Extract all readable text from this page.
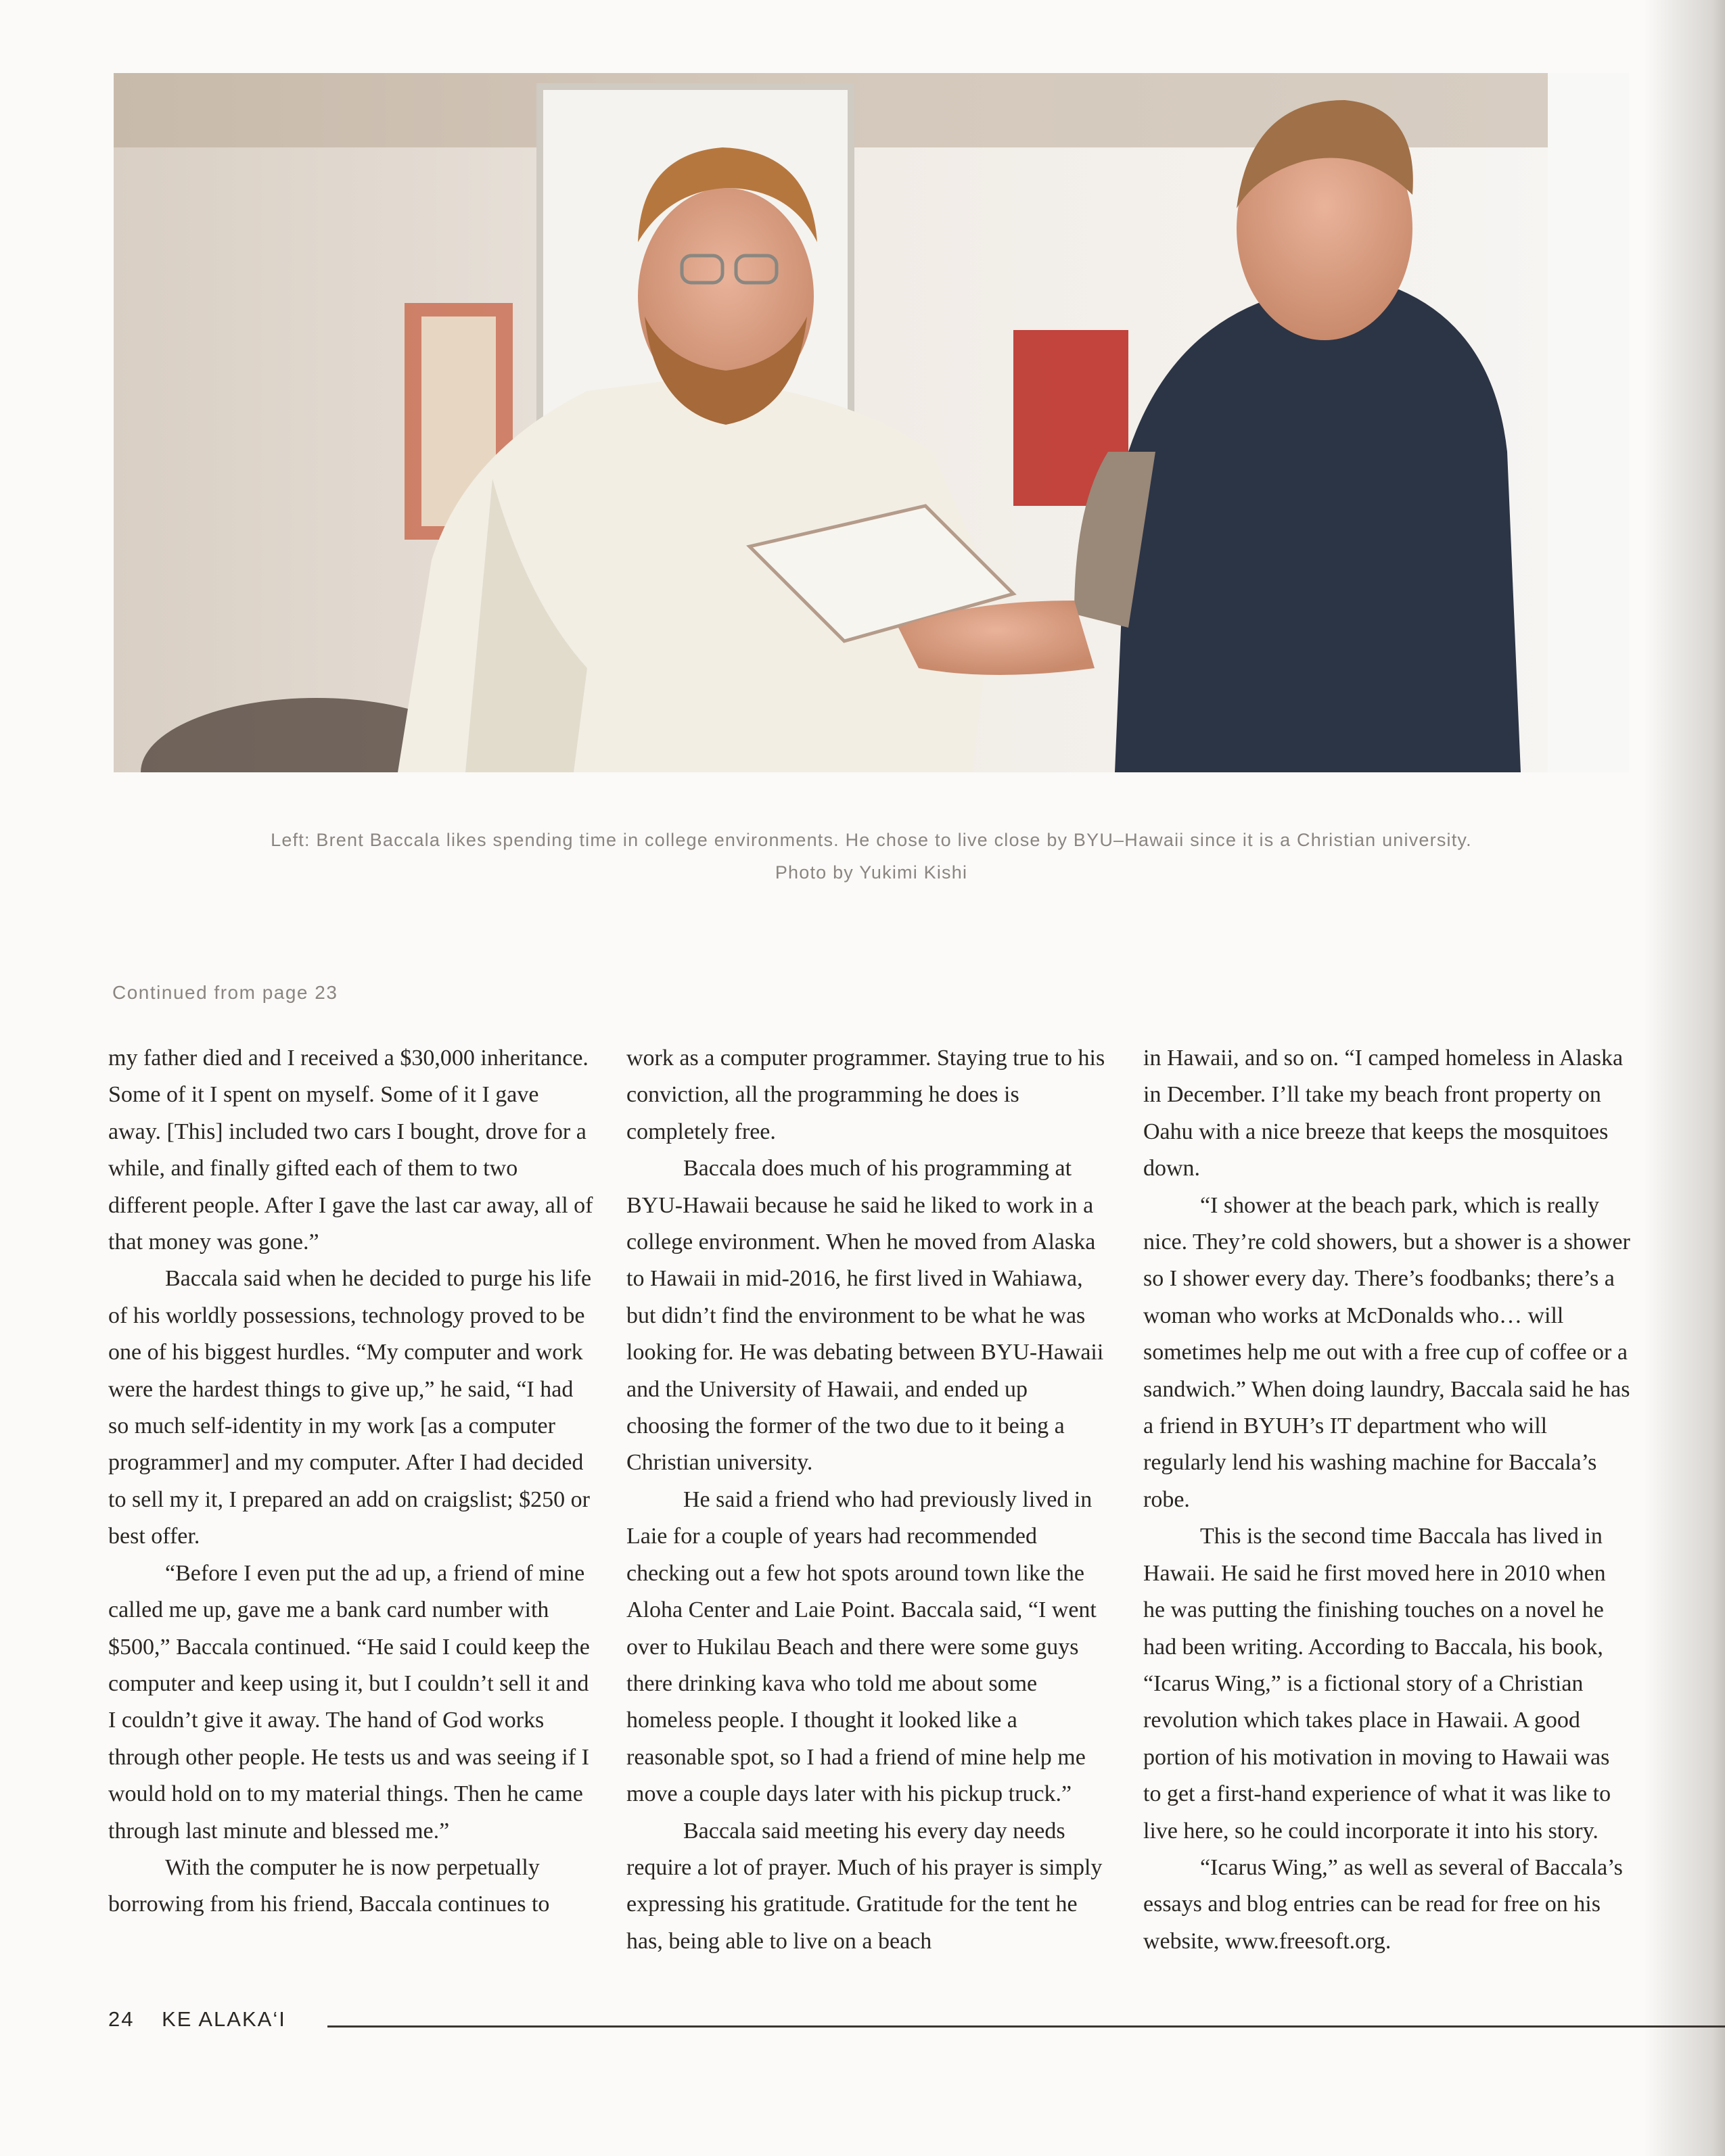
Left: Brent Baccala likes spending time in college environments. He chose to live close by BYU–Hawaii since it is a Christian university.
Photo by Yukimi Kishi
Continued from page 23

my father died and I received a $30,000 inheritance. Some of it I spent on myself. Some of it I gave away. [This] included two cars I bought, drove for a while, and finally gifted each of them to two different people. After I gave the last car away, all of that money was gone.”

Baccala said when he decided to purge his life of his worldly possessions, technology proved to be one of his biggest hurdles. “My computer and work were the hardest things to give up,” he said, “I had so much self-identity in my work [as a computer programmer] and my computer. After I had decided to sell my it, I prepared an add on craigslist; $250 or best offer.

“Before I even put the ad up, a friend of mine called me up, gave me a bank card number with $500,” Baccala continued. “He said I could keep the computer and keep using it, but I couldn’t sell it and I couldn’t give it away. The hand of God works through other people. He tests us and was seeing if I would hold on to my material things. Then he came through last minute and blessed me.”

With the computer he is now perpetually borrowing from his friend, Baccala continues to

work as a computer programmer. Staying true to his conviction, all the programming he does is completely free.

Baccala does much of his programming at BYU-Hawaii because he said he liked to work in a college environment. When he moved from Alaska to Hawaii in mid-2016, he first lived in Wahiawa, but didn’t find the environment to be what he was looking for. He was debating between BYU-Hawaii and the University of Hawaii, and ended up choosing the former of the two due to it being a Christian university.

He said a friend who had previously lived in Laie for a couple of years had recommended checking out a few hot spots around town like the Aloha Center and Laie Point. Baccala said, “I went over to Hukilau Beach and there were some guys there drinking kava who told me about some homeless people. I thought it looked like a reasonable spot, so I had a friend of mine help me move a couple days later with his pickup truck.”

Baccala said meeting his every day needs require a lot of prayer. Much of his prayer is simply expressing his gratitude. Gratitude for the tent he has, being able to live on a beach

in Hawaii, and so on. “I camped homeless in Alaska in December. I’ll take my beach front property on Oahu with a nice breeze that keeps the mosquitoes down.

“I shower at the beach park, which is really nice. They’re cold showers, but a shower is a shower so I shower every day. There’s foodbanks; there’s a woman who works at McDonalds who… will sometimes help me out with a free cup of coffee or a sandwich.” When doing laundry, Baccala said he has a friend in BYUH’s IT department who will regularly lend his washing machine for Baccala’s robe.

This is the second time Baccala has lived in Hawaii. He said he first moved here in 2010 when he was putting the finishing touches on a novel he had been writing. According to Baccala, his book, “Icarus Wing,” is a fictional story of a Christian revolution which takes place in Hawaii. A good portion of his motivation in moving to Hawaii was to get a first-hand experience of what it was like to live here, so he could incorporate it into his story.

“Icarus Wing,” as well as several of Baccala’s essays and blog entries can be read for free on his website, www.freesoft.org.

24 KE ALAKA‘I
